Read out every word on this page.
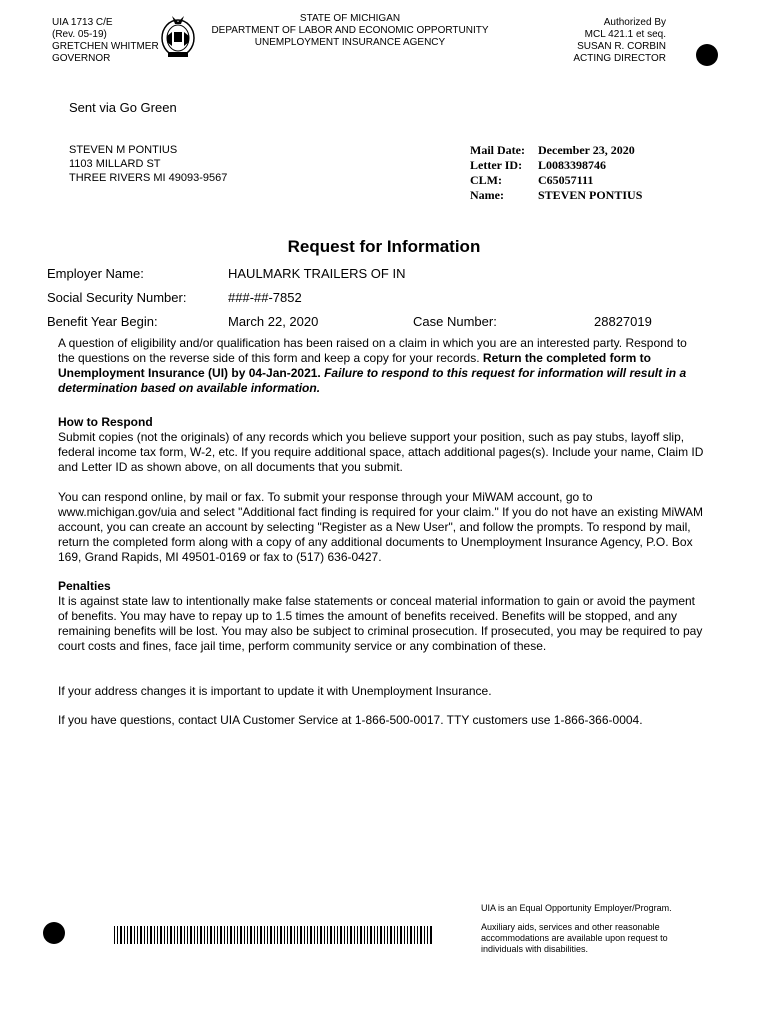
UIA 1713 C/E
(Rev. 05-19)
GRETCHEN WHITMER
GOVERNOR
STATE OF MICHIGAN
DEPARTMENT OF LABOR AND ECONOMIC OPPORTUNITY
UNEMPLOYMENT INSURANCE AGENCY
Authorized By
MCL 421.1 et seq.
SUSAN R. CORBIN
ACTING DIRECTOR
Sent via Go Green
STEVEN M PONTIUS
1103 MILLARD ST
THREE RIVERS MI 49093-9567
Mail Date:	December 23, 2020
Letter ID:	L0083398746
CLM:	C65057111
Name:	STEVEN PONTIUS
Request for Information
Employer Name:	HAULMARK TRAILERS OF IN
Social Security Number:	###-##-7852
Benefit Year Begin:	March 22, 2020	Case Number:	28827019

A question of eligibility and/or qualification has been raised on a claim in which you are an interested party. Respond to the questions on the reverse side of this form and keep a copy for your records. Return the completed form to Unemployment Insurance (UI) by 04-Jan-2021. Failure to respond to this request for information will result in a determination based on available information.

How to Respond

Submit copies (not the originals) of any records which you believe support your position, such as pay stubs, layoff slip, federal income tax form, W-2, etc. If you require additional space, attach additional pages(s). Include your name, Claim ID and Letter ID as shown above, on all documents that you submit.

You can respond online, by mail or fax. To submit your response through your MiWAM account, go to www.michigan.gov/uia and select "Additional fact finding is required for your claim." If you do not have an existing MiWAM account, you can create an account by selecting "Register as a New User", and follow the prompts. To respond by mail, return the completed form along with a copy of any additional documents to Unemployment Insurance Agency, P.O. Box 169, Grand Rapids, MI 49501-0169 or fax to (517) 636-0427.

Penalties

It is against state law to intentionally make false statements or conceal material information to gain or avoid the payment of benefits. You may have to repay up to 1.5 times the amount of benefits received. Benefits will be stopped, and any remaining benefits will be lost. You may also be subject to criminal prosecution. If prosecuted, you may be required to pay court costs and fines, face jail time, perform community service or any combination of these.

If your address changes it is important to update it with Unemployment Insurance.
If you have questions, contact UIA Customer Service at 1-866-500-0017. TTY customers use 1-866-366-0004.
UIA is an Equal Opportunity Employer/Program.
Auxiliary aids, services and other reasonable accommodations are available upon request to individuals with disabilities.
